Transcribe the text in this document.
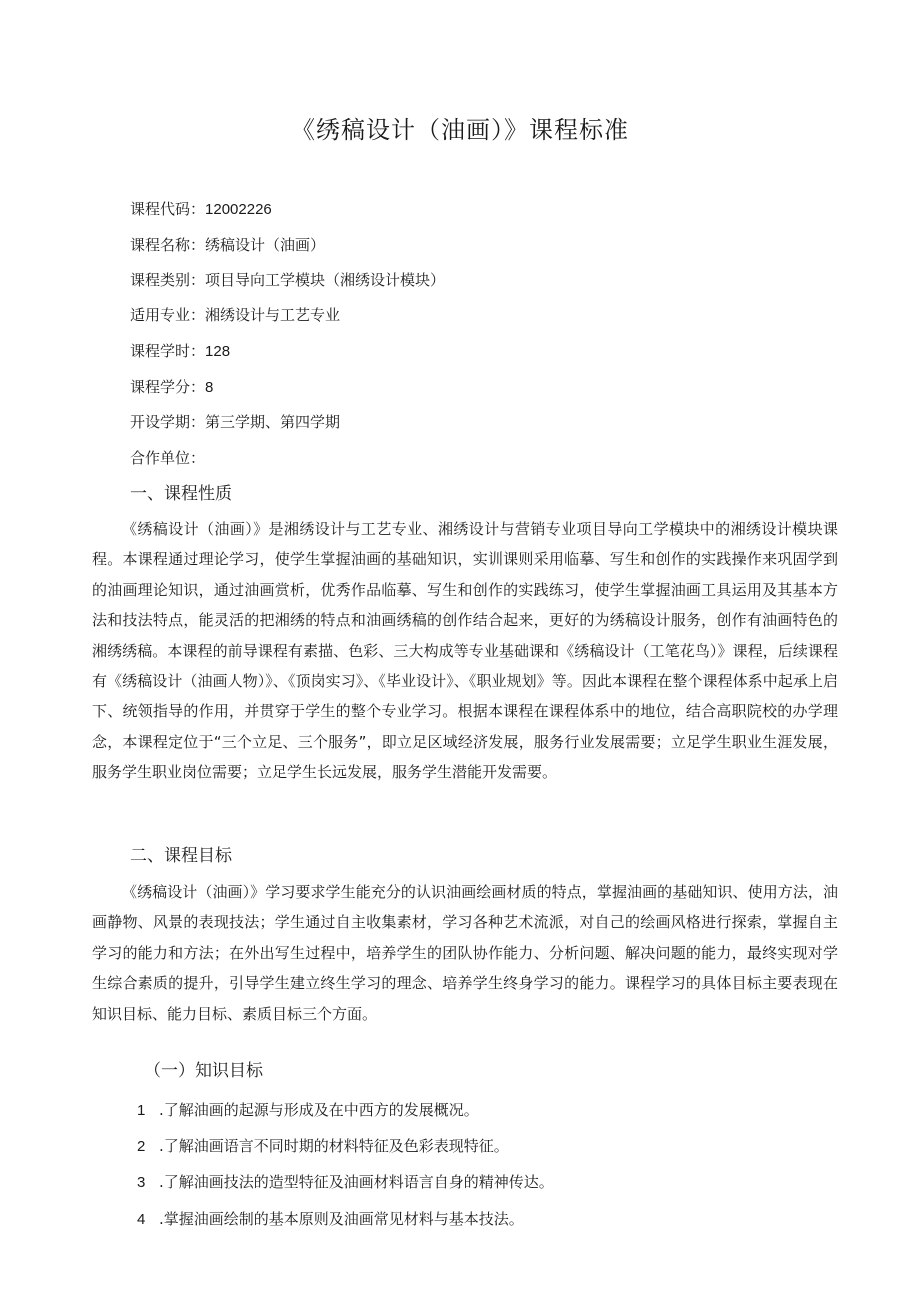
《绣稿设计（油画）》课程标准
课程代码：12002226
课程名称：绣稿设计（油画）
课程类别：项目导向工学模块（湘绣设计模块）
适用专业：湘绣设计与工艺专业
课程学时：128
课程学分：8
开设学期：第三学期、第四学期
合作单位：
一、课程性质

《绣稿设计（油画）》是湘绣设计与工艺专业、湘绣设计与营销专业项目导向工学模块中的湘绣设计模块课程。本课程通过理论学习，使学生掌握油画的基础知识，实训课则采用临摹、写生和创作的实践操作来巩固学到的油画理论知识，通过油画赏析，优秀作品临摹、写生和创作的实践练习，使学生掌握油画工具运用及其基本方法和技法特点，能灵活的把湘绣的特点和油画绣稿的创作结合起来，更好的为绣稿设计服务，创作有油画特色的湘绣绣稿。本课程的前导课程有素描、色彩、三大构成等专业基础课和《绣稿设计（工笔花鸟）》课程，后续课程有《绣稿设计（油画人物）》、《顶岗实习》、《毕业设计》、《职业规划》等。因此本课程在整个课程体系中起承上启下、统领指导的作用，并贯穿于学生的整个专业学习。根据本课程在课程体系中的地位，结合高职院校的办学理念，本课程定位于“三个立足、三个服务”，即立足区域经济发展，服务行业发展需要；立足学生职业生涯发展，服务学生职业岗位需要；立足学生长远发展，服务学生潜能开发需要。

二、课程目标

《绣稿设计（油画）》学习要求学生能充分的认识油画绘画材质的特点，掌握油画的基础知识、使用方法，油画静物、风景的表现技法；学生通过自主收集素材，学习各种艺术流派，对自己的绘画风格进行探索，掌握自主学习的能力和方法；在外出写生过程中，培养学生的团队协作能力、分析问题、解决问题的能力，最终实现对学生综合素质的提升，引导学生建立终生学习的理念、培养学生终身学习的能力。课程学习的具体目标主要表现在知识目标、能力目标、素质目标三个方面。

（一）知识目标
1 .了解油画的起源与形成及在中西方的发展概况。
2 .了解油画语言不同时期的材料特征及色彩表现特征。
3 .了解油画技法的造型特征及油画材料语言自身的精神传达。
4 .掌握油画绘制的基本原则及油画常见材料与基本技法。
